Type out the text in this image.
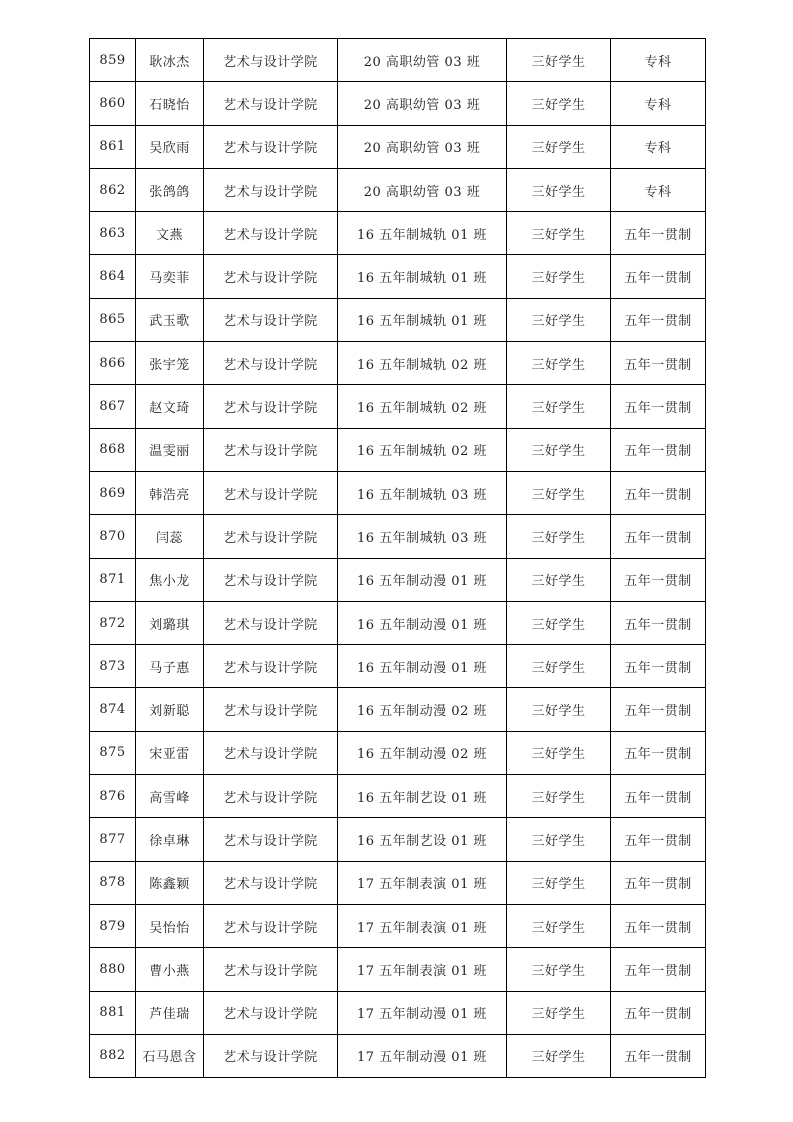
859	耿冰杰	艺术与设计学院	20 高职幼管 03 班	三好学生	专科
860	石晓怡	艺术与设计学院	20 高职幼管 03 班	三好学生	专科
861	吴欣雨	艺术与设计学院	20 高职幼管 03 班	三好学生	专科
862	张鸽鸽	艺术与设计学院	20 高职幼管 03 班	三好学生	专科
863	文燕	艺术与设计学院	16 五年制城轨 01 班	三好学生	五年一贯制
864	马奕菲	艺术与设计学院	16 五年制城轨 01 班	三好学生	五年一贯制
865	武玉歌	艺术与设计学院	16 五年制城轨 01 班	三好学生	五年一贯制
866	张宇笼	艺术与设计学院	16 五年制城轨 02 班	三好学生	五年一贯制
867	赵文琦	艺术与设计学院	16 五年制城轨 02 班	三好学生	五年一贯制
868	温雯丽	艺术与设计学院	16 五年制城轨 02 班	三好学生	五年一贯制
869	韩浩亮	艺术与设计学院	16 五年制城轨 03 班	三好学生	五年一贯制
870	闫蕊	艺术与设计学院	16 五年制城轨 03 班	三好学生	五年一贯制
871	焦小龙	艺术与设计学院	16 五年制动漫 01 班	三好学生	五年一贯制
872	刘璐琪	艺术与设计学院	16 五年制动漫 01 班	三好学生	五年一贯制
873	马子惠	艺术与设计学院	16 五年制动漫 01 班	三好学生	五年一贯制
874	刘新聪	艺术与设计学院	16 五年制动漫 02 班	三好学生	五年一贯制
875	宋亚雷	艺术与设计学院	16 五年制动漫 02 班	三好学生	五年一贯制
876	高雪峰	艺术与设计学院	16 五年制艺设 01 班	三好学生	五年一贯制
877	徐卓琳	艺术与设计学院	16 五年制艺设 01 班	三好学生	五年一贯制
878	陈鑫颖	艺术与设计学院	17 五年制表演 01 班	三好学生	五年一贯制
879	吴怡怡	艺术与设计学院	17 五年制表演 01 班	三好学生	五年一贯制
880	曹小燕	艺术与设计学院	17 五年制表演 01 班	三好学生	五年一贯制
881	芦佳瑞	艺术与设计学院	17 五年制动漫 01 班	三好学生	五年一贯制
882	石马恩含	艺术与设计学院	17 五年制动漫 01 班	三好学生	五年一贯制
